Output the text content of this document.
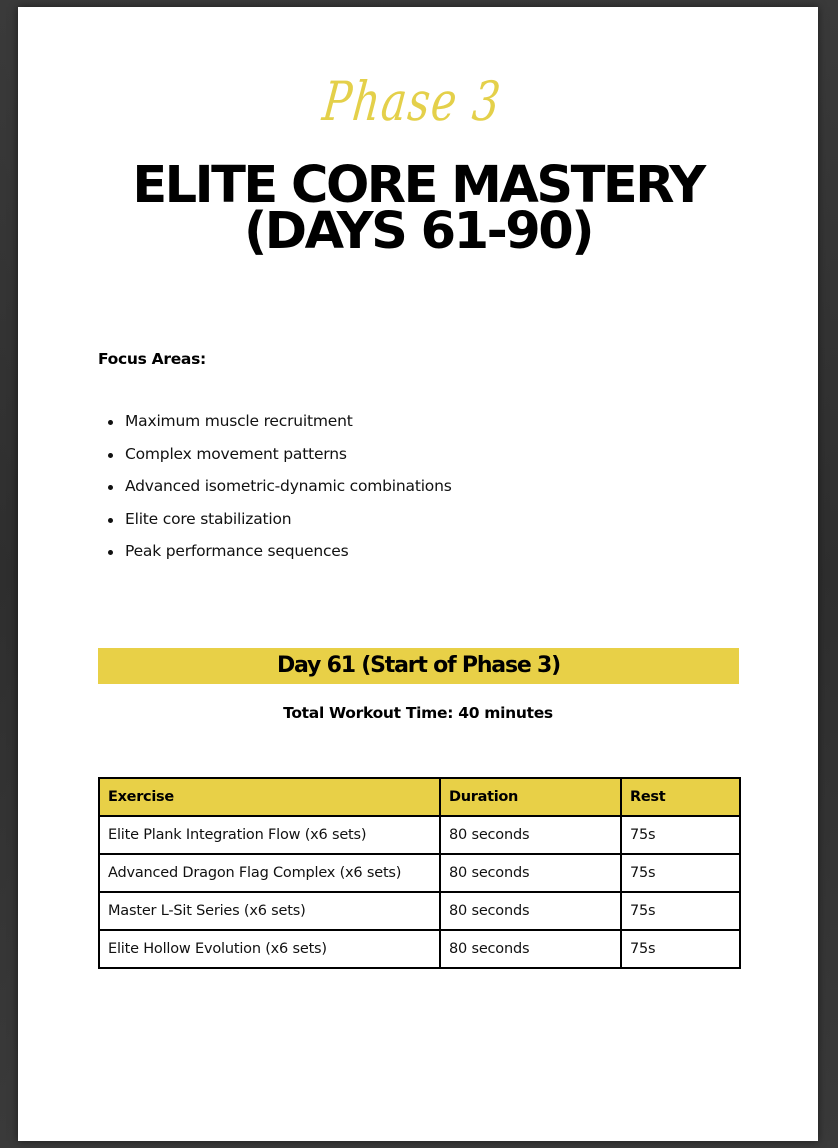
Phase 3
ELITE CORE MASTERY
(DAYS 61-90)
Focus Areas:
Maximum muscle recruitment
Complex movement patterns
Advanced isometric-dynamic combinations
Elite core stabilization
Peak performance sequences
Day 61 (Start of Phase 3)
Total Workout Time: 40 minutes
Exercise	Duration	Rest
Elite Plank Integration Flow (x6 sets)	80 seconds	75s
Advanced Dragon Flag Complex (x6 sets)	80 seconds	75s
Master L-Sit Series (x6 sets)	80 seconds	75s
Elite Hollow Evolution (x6 sets)	80 seconds	75s
